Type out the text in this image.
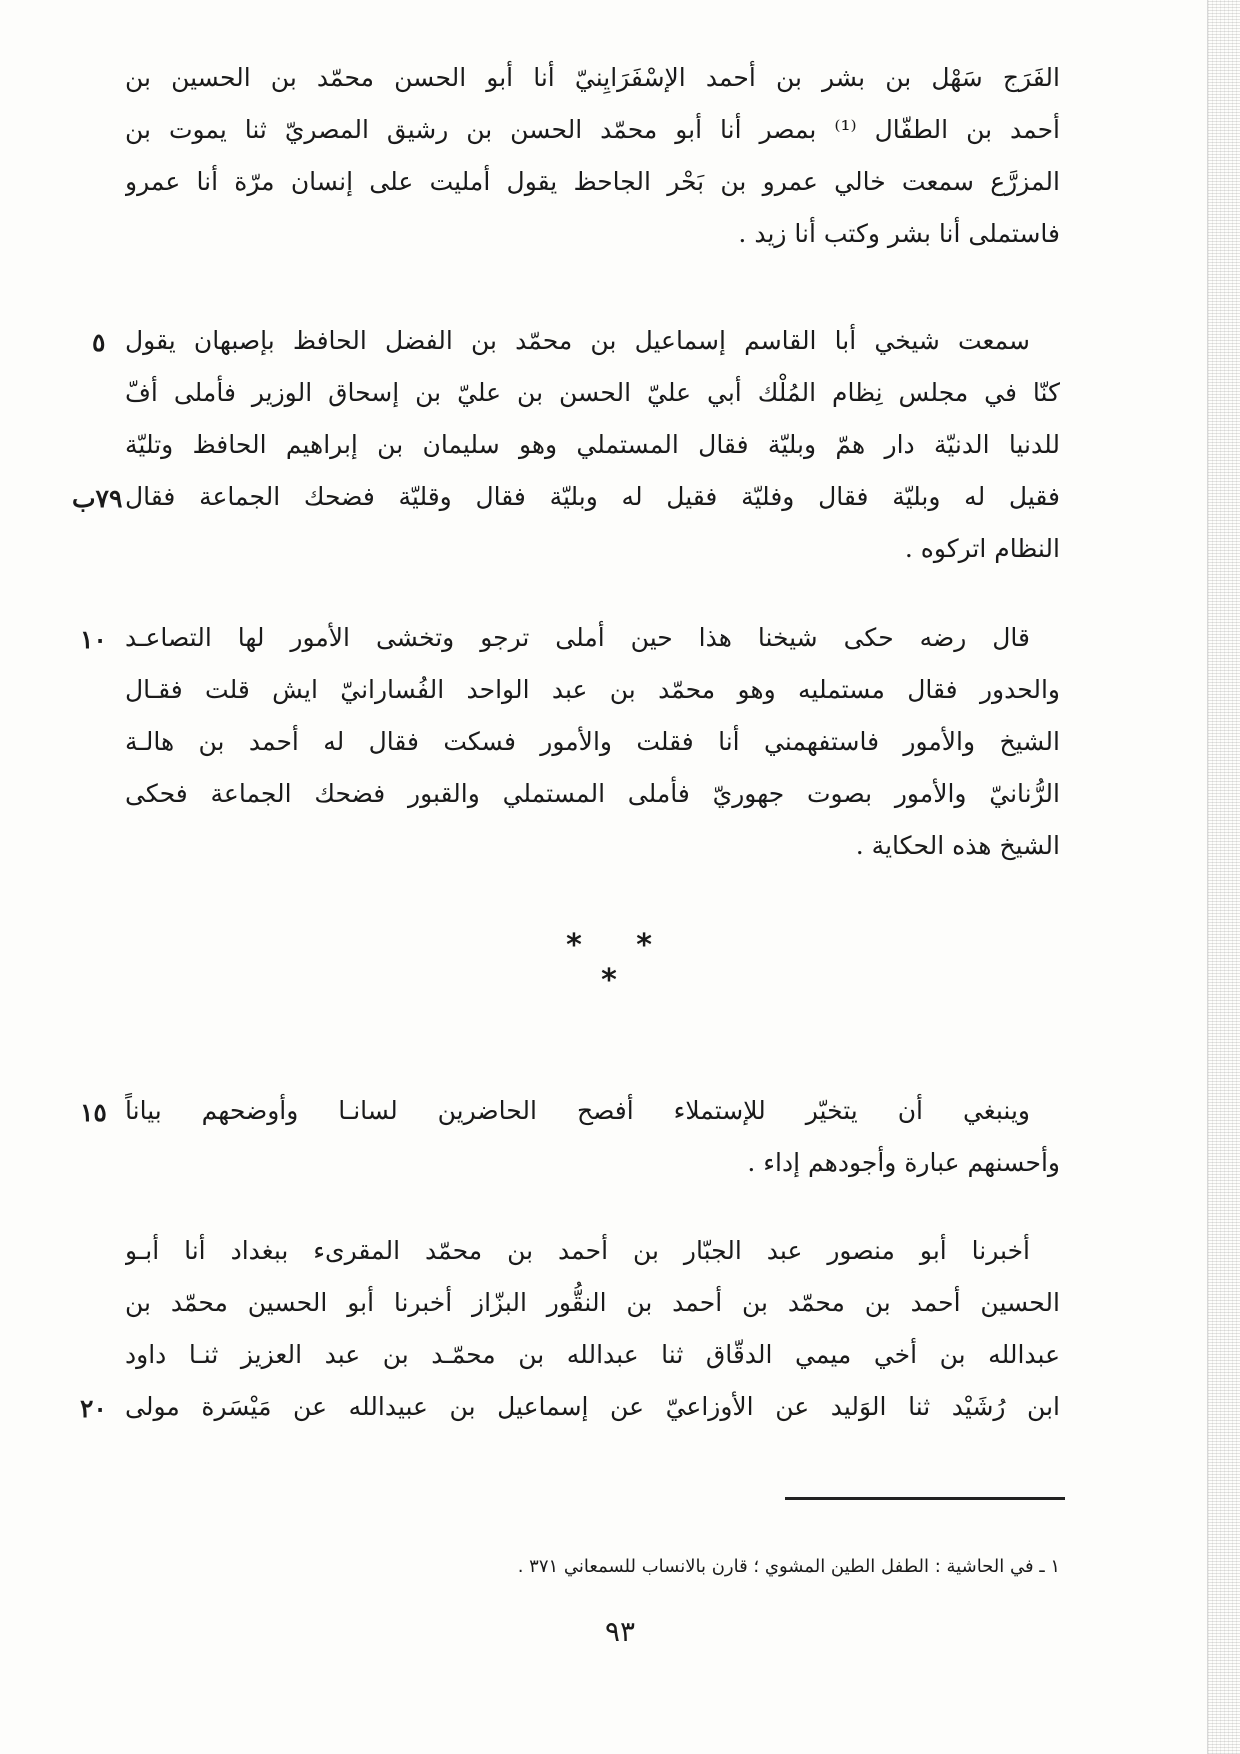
الفَرَج سَهْل بن بشر بن أحمد الإسْفَرَايِنيّ أنا أبو الحسن محمّد بن الحسين بن
أحمد بن الطفّال ⁽¹⁾ بمصر أنا أبو محمّد الحسن بن رشيق المصريّ ثنا يموت بن
المزرَّع سمعت خالي عمرو بن بَحْر الجاحظ يقول أمليت على إنسان مرّة أنا عمرو
فاستملى أنا بشر وكتب أنا زيد .
سمعت شيخي أبا القاسم إسماعيل بن محمّد بن الفضل الحافظ بإصبهان يقول
كنّا في مجلس نِظام المُلْك أبي عليّ الحسن بن عليّ بن إسحاق الوزير فأملى أفّ
للدنيا الدنيّة دار همّ وبليّة فقال المستملي وهو سليمان بن إبراهيم الحافظ وتليّة
فقيل له وبليّة فقال وفليّة فقيل له وبليّة فقال وقليّة فضحك الجماعة فقال
النظام اتركوه .
قال رضه حكى شيخنا هذا حين أملى ترجو وتخشى الأمور لها التصاعـد
والحدور فقال مستمليه وهو محمّد بن عبد الواحد الفُسارانيّ ايش قلت فقـال
الشيخ والأمور فاستفهمني أنا فقلت والأمور فسكت فقال له أحمد بن هالـة
الرُّنانيّ والأمور بصوت جهوريّ فأملى المستملي والقبور فضحك الجماعة فحكى
الشيخ هذه الحكاية .
* * *
وينبغي أن يتخيّر للإستملاء أفصح الحاضرين لسانـا وأوضحهم بياناً
وأحسنهم عبارة وأجودهم إداء .
أخبرنا أبو منصور عبد الجبّار بن أحمد بن محمّد المقرىء ببغداد أنا أبـو
الحسين أحمد بن محمّد بن أحمد بن النقُّور البزّاز أخبرنا أبو الحسين محمّد بن
عبدالله بن أخي ميمي الدقّاق ثنا عبدالله بن محمّـد بن عبد العزيز ثنـا داود
ابن رُشَيْد ثنا الوَليد عن الأوزاعيّ عن إسماعيل بن عبيدالله عن مَيْسَرة مولى
٥
٧٩ب
١٠
١٥
٢٠
١ ـ في الحاشية : الطفل الطين المشوي ؛ قارن بالانساب للسمعاني ٣٧١ .
٩٣
